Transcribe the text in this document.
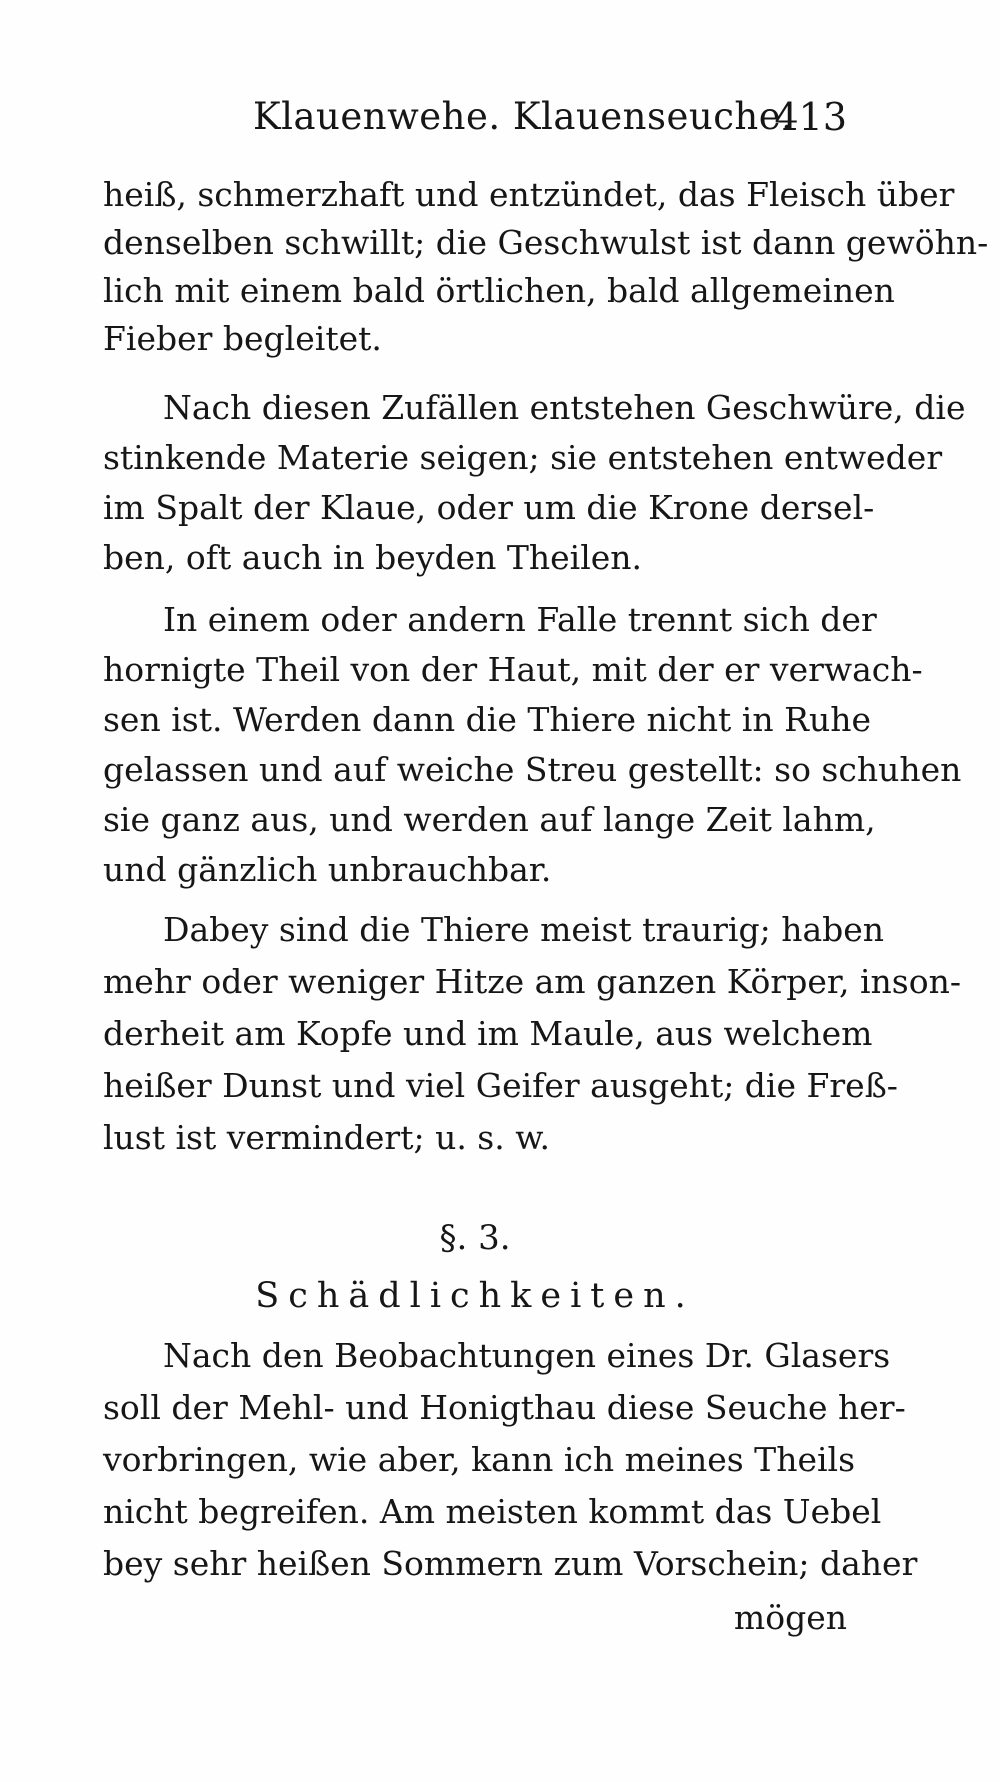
Klauenwehe. Klauenseuche.
413
heiß, schmerzhaft und entzündet, das Fleisch über
denselben schwillt; die Geschwulst ist dann gewöhn-
lich mit einem bald örtlichen, bald allgemeinen
Fieber begleitet.
Nach diesen Zufällen entstehen Geschwüre, die
stinkende Materie seigen; sie entstehen entweder
im Spalt der Klaue, oder um die Krone dersel-
ben, oft auch in beyden Theilen.
In einem oder andern Falle trennt sich der
hornigte Theil von der Haut, mit der er verwach-
sen ist. Werden dann die Thiere nicht in Ruhe
gelassen und auf weiche Streu gestellt: so schuhen
sie ganz aus, und werden auf lange Zeit lahm,
und gänzlich unbrauchbar.
Dabey sind die Thiere meist traurig; haben
mehr oder weniger Hitze am ganzen Körper, inson-
derheit am Kopfe und im Maule, aus welchem
heißer Dunst und viel Geifer ausgeht; die Freß-
lust ist vermindert; u. s. w.
§. 3.
Schädlichkeiten.
Nach den Beobachtungen eines Dr. Glasers
soll der Mehl- und Honigthau diese Seuche her-
vorbringen, wie aber, kann ich meines Theils
nicht begreifen. Am meisten kommt das Uebel
bey sehr heißen Sommern zum Vorschein; daher
mögen
